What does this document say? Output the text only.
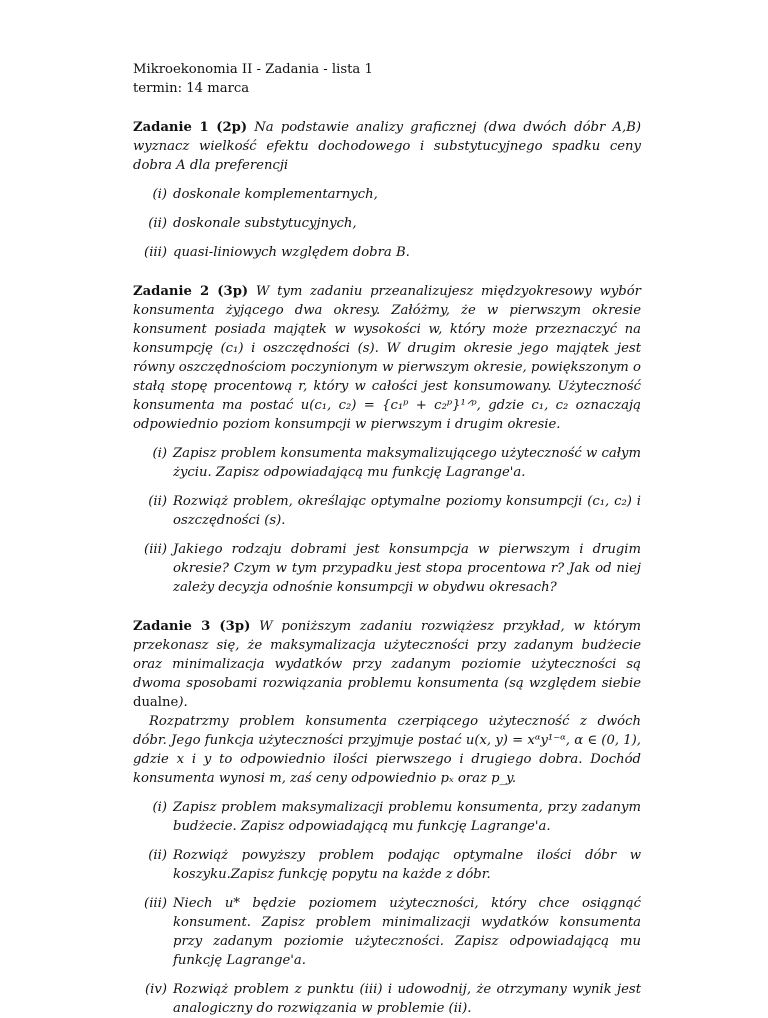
Mikroekonomia II - Zadania - lista 1
termin: 14 marca

Zadanie 1 (2p) Na podstawie analizy graficznej (dwa dwóch dóbr A,B) wyznacz wielkość efektu dochodowego i substytucyjnego spadku ceny dobra A dla preferencji

(i) doskonale komplementarnych,
(ii) doskonale substytucyjnych,
(iii) quasi-liniowych względem dobra B.

Zadanie 2 (3p) W tym zadaniu przeanalizujesz międzyokresowy wybór konsumenta żyjącego dwa okresy. Załóżmy, że w pierwszym okresie konsument posiada majątek w wysokości w, który może przeznaczyć na konsumpcję (c₁) i oszczędności (s). W drugim okresie jego majątek jest równy oszczędnościom poczynionym w pierwszym okresie, powiększonym o stałą stopę procentową r, który w całości jest konsumowany. Użyteczność konsumenta ma postać u(c₁, c₂) = {c₁ᵖ + c₂ᵖ}¹ᐟᵖ, gdzie c₁, c₂ oznaczają odpowiednio poziom konsumpcji w pierwszym i drugim okresie.

(i) Zapisz problem konsumenta maksymalizującego użyteczność w całym życiu. Zapisz odpowiadającą mu funkcję Lagrange'a.
(ii) Rozwiąż problem, określając optymalne poziomy konsumpcji (c₁, c₂) i oszczędności (s).
(iii) Jakiego rodzaju dobrami jest konsumpcja w pierwszym i drugim okresie? Czym w tym przypadku jest stopa procentowa r? Jak od niej zależy decyzja odnośnie konsumpcji w obydwu okresach?

Zadanie 3 (3p) W poniższym zadaniu rozwiążesz przykład, w którym przekonasz się, że maksymalizacja użyteczności przy zadanym budżecie oraz minimalizacja wydatków przy zadanym poziomie użyteczności są dwoma sposobami rozwiązania problemu konsumenta (są względem siebie dualne).

Rozpatrzmy problem konsumenta czerpiącego użyteczność z dwóch dóbr. Jego funkcja użyteczności przyjmuje postać u(x, y) = xᵅy¹⁻ᵅ, α ∈ (0, 1), gdzie x i y to odpowiednio ilości pierwszego i drugiego dobra. Dochód konsumenta wynosi m, zaś ceny odpowiednio pₓ oraz p_y.

(i) Zapisz problem maksymalizacji problemu konsumenta, przy zadanym budżecie. Zapisz odpowiadającą mu funkcję Lagrange'a.
(ii) Rozwiąż powyższy problem podając optymalne ilości dóbr w koszyku.Zapisz funkcję popytu na każde z dóbr.
(iii) Niech u* będzie poziomem użyteczności, który chce osiągnąć konsument. Zapisz problem minimalizacji wydatków konsumenta przy zadanym poziomie użyteczności. Zapisz odpowiadającą mu funkcję Lagrange'a.
(iv) Rozwiąż problem z punktu (iii) i udowodnij, że otrzymany wynik jest analogiczny do rozwiązania w problemie (ii).
